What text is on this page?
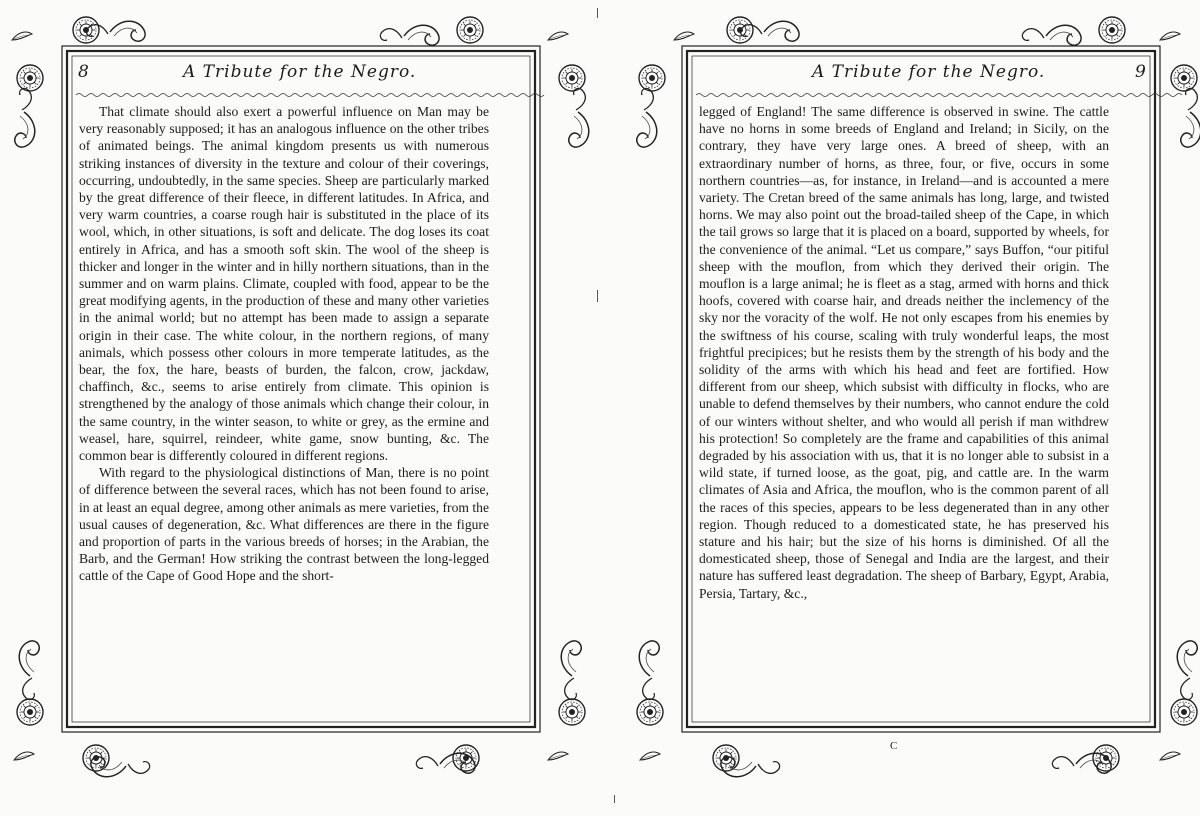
8	A Tribute for the Negro.

That climate should also exert a powerful influence on Man may be very reasonably supposed; it has an analogous influence on the other tribes of animated beings. The animal kingdom presents us with numerous striking instances of diversity in the texture and colour of their coverings, occurring, undoubtedly, in the same species. Sheep are particularly marked by the great difference of their fleece, in different latitudes. In Africa, and very warm countries, a coarse rough hair is substituted in the place of its wool, which, in other situations, is soft and delicate. The dog loses its coat entirely in Africa, and has a smooth soft skin. The wool of the sheep is thicker and longer in the winter and in hilly northern situations, than in the summer and on warm plains. Climate, coupled with food, appear to be the great modifying agents, in the production of these and many other varieties in the animal world; but no attempt has been made to assign a separate origin in their case. The white colour, in the northern regions, of many animals, which possess other colours in more temperate latitudes, as the bear, the fox, the hare, beasts of burden, the falcon, crow, jackdaw, chaffinch, &c., seems to arise entirely from climate. This opinion is strengthened by the analogy of those animals which change their colour, in the same country, in the winter season, to white or grey, as the ermine and weasel, hare, squirrel, reindeer, white game, snow bunting, &c. The common bear is differently coloured in different regions.

With regard to the physiological distinctions of Man, there is no point of difference between the several races, which has not been found to arise, in at least an equal degree, among other animals as mere varieties, from the usual causes of degeneration, &c. What differences are there in the figure and proportion of parts in the various breeds of horses; in the Arabian, the Barb, and the German! How striking the contrast between the long-legged cattle of the Cape of Good Hope and the short-

A Tribute for the Negro.	9

legged of England! The same difference is observed in swine. The cattle have no horns in some breeds of England and Ireland; in Sicily, on the contrary, they have very large ones. A breed of sheep, with an extraordinary number of horns, as three, four, or five, occurs in some northern countries—as, for instance, in Ireland—and is accounted a mere variety. The Cretan breed of the same animals has long, large, and twisted horns. We may also point out the broad-tailed sheep of the Cape, in which the tail grows so large that it is placed on a board, supported by wheels, for the convenience of the animal. “Let us compare,” says Buffon, “our pitiful sheep with the mouflon, from which they derived their origin. The mouflon is a large animal; he is fleet as a stag, armed with horns and thick hoofs, covered with coarse hair, and dreads neither the inclemency of the sky nor the voracity of the wolf. He not only escapes from his enemies by the swiftness of his course, scaling with truly wonderful leaps, the most frightful precipices; but he resists them by the strength of his body and the solidity of the arms with which his head and feet are fortified. How different from our sheep, which subsist with difficulty in flocks, who are unable to defend themselves by their numbers, who cannot endure the cold of our winters without shelter, and who would all perish if man withdrew his protection! So completely are the frame and capabilities of this animal degraded by his association with us, that it is no longer able to subsist in a wild state, if turned loose, as the goat, pig, and cattle are. In the warm climates of Asia and Africa, the mouflon, who is the common parent of all the races of this species, appears to be less degenerated than in any other region. Though reduced to a domesticated state, he has preserved his stature and his hair; but the size of his horns is diminished. Of all the domesticated sheep, those of Senegal and India are the largest, and their nature has suffered least degradation. The sheep of Barbary, Egypt, Arabia, Persia, Tartary, &c.,

C
